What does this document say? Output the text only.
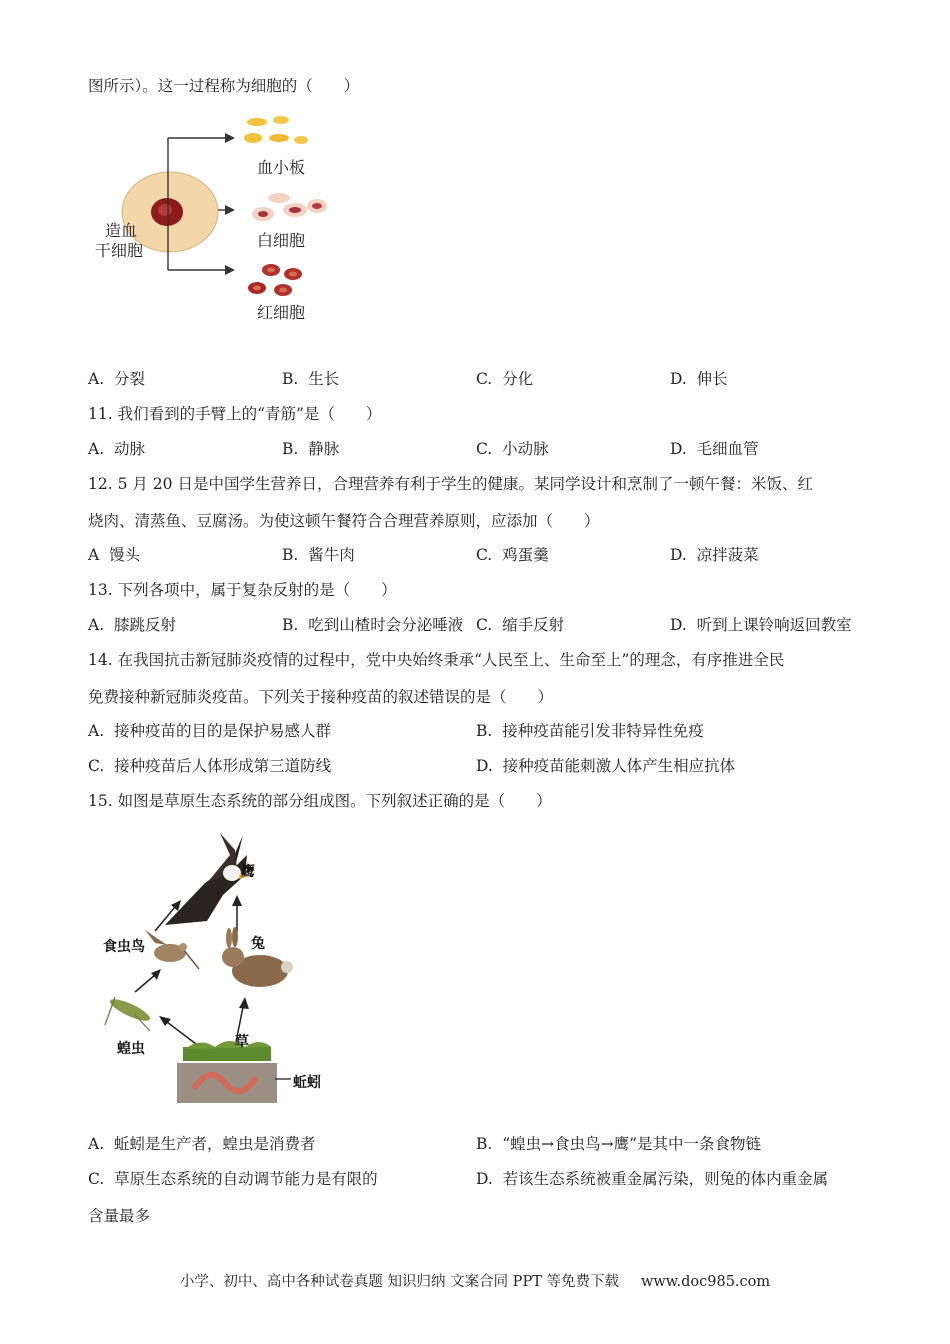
图所示）。这一过程称为细胞的（　　）
造血
干细胞
血小板
白细胞
红细胞
A. 分裂	B. 生长	C. 分化	D. 伸长
11. 我们看到的手臂上的“青筋”是（　　）
A. 动脉	B. 静脉	C. 小动脉	D. 毛细血管
12. 5 月 20 日是中国学生营养日，合理营养有利于学生的健康。某同学设计和烹制了一顿午餐：米饭、红
烧肉、清蒸鱼、豆腐汤。为使这顿午餐符合合理营养原则，应添加（　　）
A 馒头	B. 酱牛肉	C. 鸡蛋羹	D. 凉拌菠菜
13. 下列各项中，属于复杂反射的是（　　）
A. 膝跳反射	B. 吃到山楂时会分泌唾液 C. 缩手反射	D. 听到上课铃响返回教室
14. 在我国抗击新冠肺炎疫情的过程中，党中央始终秉承“人民至上、生命至上”的理念，有序推进全民
免费接种新冠肺炎疫苗。下列关于接种疫苗的叙述错误的是（　　）
A. 接种疫苗的目的是保护易感人群	B. 接种疫苗能引发非特异性免疫
C. 接种疫苗后人体形成第三道防线	D. 接种疫苗能刺激人体产生相应抗体
15. 如图是草原生态系统的部分组成图。下列叙述正确的是（　　）
鹰
食虫鸟	兔
蝗虫	草
蚯蚓
A. 蚯蚓是生产者，蝗虫是消费者	B. “蝗虫→食虫鸟→鹰”是其中一条食物链
C. 草原生态系统的自动调节能力是有限的	D. 若该生态系统被重金属污染，则兔的体内重金属
含量最多
小学、初中、高中各种试卷真题 知识归纳 文案合同 PPT 等免费下载 www.doc985.com
